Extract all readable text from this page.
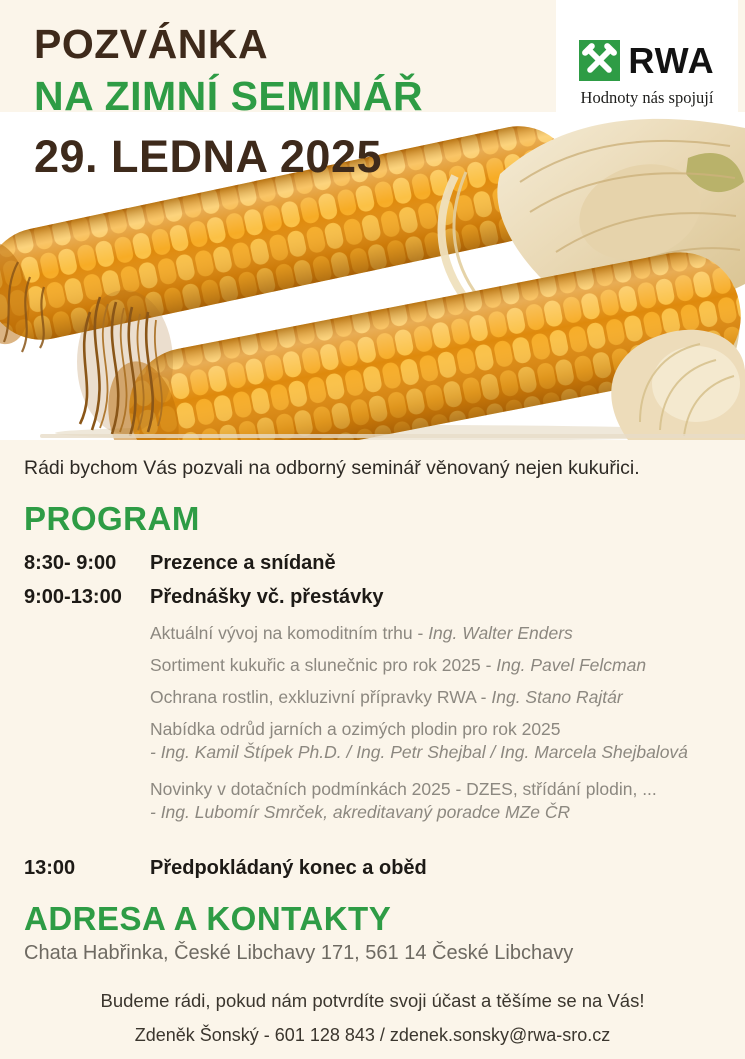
RWA
Hodnoty nás spojují
POZVÁNKA
NA ZIMNÍ SEMINÁŘ
29. LEDNA 2025

Rádi bychom Vás pozvali na odborný seminář věnovaný nejen kukuřici.

PROGRAM
8:30- 9:00	Prezence a snídaně
9:00-13:00	Přednášky vč. přestávky
Aktuální vývoj na komoditním trhu - Ing. Walter Enders
Sortiment kukuřic a slunečnic pro rok 2025 - Ing. Pavel Felcman
Ochrana rostlin, exkluzivní přípravky RWA - Ing. Stano Rajtár
Nabídka odrůd jarních a ozimých plodin pro rok 2025
- Ing. Kamil Štípek Ph.D. / Ing. Petr Shejbal / Ing. Marcela Shejbalová
Novinky v dotačních podmínkách 2025 - DZES, střídání plodin, ...
- Ing. Lubomír Smrček, akreditavaný poradce MZe ČR
13:00	Předpokládaný konec a oběd
ADRESA A KONTAKTY

Chata Habřinka, České Libchavy 171, 561 14 České Libchavy

Budeme rádi, pokud nám potvrdíte svoji účast a těšíme se na Vás!

Zdeněk Šonský - 601 128 843 / zdenek.sonsky@rwa-sro.cz
